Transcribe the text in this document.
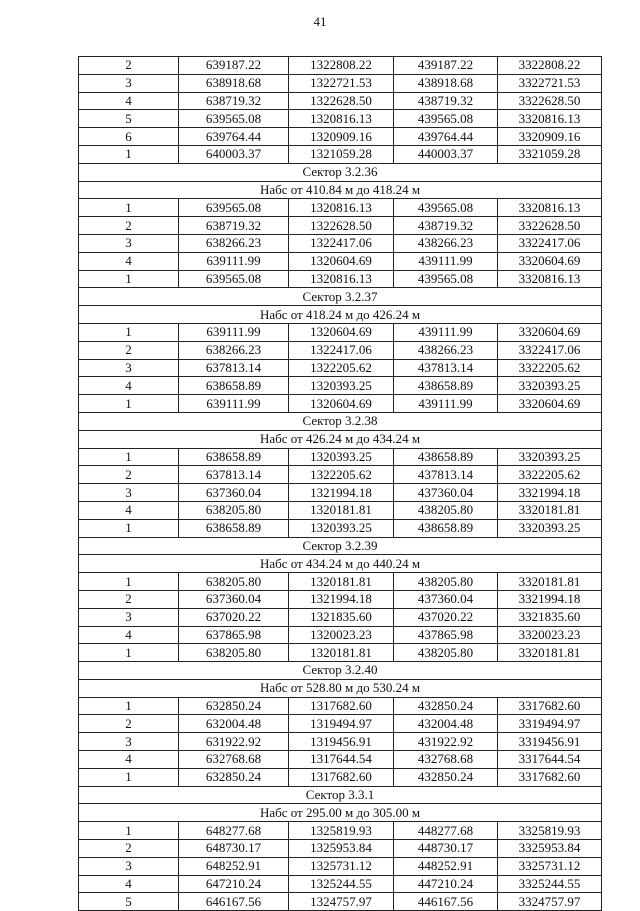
41
2	639187.22	1322808.22	439187.22	3322808.22
3	638918.68	1322721.53	438918.68	3322721.53
4	638719.32	1322628.50	438719.32	3322628.50
5	639565.08	1320816.13	439565.08	3320816.13
6	639764.44	1320909.16	439764.44	3320909.16
1	640003.37	1321059.28	440003.37	3321059.28
Сектор 3.2.36				
Набс от 410.84 м до 418.24 м				
1	639565.08	1320816.13	439565.08	3320816.13
2	638719.32	1322628.50	438719.32	3322628.50
3	638266.23	1322417.06	438266.23	3322417.06
4	639111.99	1320604.69	439111.99	3320604.69
1	639565.08	1320816.13	439565.08	3320816.13
Сектор 3.2.37				
Набс от 418.24 м до 426.24 м				
1	639111.99	1320604.69	439111.99	3320604.69
2	638266.23	1322417.06	438266.23	3322417.06
3	637813.14	1322205.62	437813.14	3322205.62
4	638658.89	1320393.25	438658.89	3320393.25
1	639111.99	1320604.69	439111.99	3320604.69
Сектор 3.2.38				
Набс от 426.24 м до 434.24 м				
1	638658.89	1320393.25	438658.89	3320393.25
2	637813.14	1322205.62	437813.14	3322205.62
3	637360.04	1321994.18	437360.04	3321994.18
4	638205.80	1320181.81	438205.80	3320181.81
1	638658.89	1320393.25	438658.89	3320393.25
Сектор 3.2.39				
Набс от 434.24 м до 440.24 м				
1	638205.80	1320181.81	438205.80	3320181.81
2	637360.04	1321994.18	437360.04	3321994.18
3	637020.22	1321835.60	437020.22	3321835.60
4	637865.98	1320023.23	437865.98	3320023.23
1	638205.80	1320181.81	438205.80	3320181.81
Сектор 3.2.40				
Набс от 528.80 м до 530.24 м				
1	632850.24	1317682.60	432850.24	3317682.60
2	632004.48	1319494.97	432004.48	3319494.97
3	631922.92	1319456.91	431922.92	3319456.91
4	632768.68	1317644.54	432768.68	3317644.54
1	632850.24	1317682.60	432850.24	3317682.60
Сектор 3.3.1				
Набс от 295.00 м до 305.00 м				
1	648277.68	1325819.93	448277.68	3325819.93
2	648730.17	1325953.84	448730.17	3325953.84
3	648252.91	1325731.12	448252.91	3325731.12
4	647210.24	1325244.55	447210.24	3325244.55
5	646167.56	1324757.97	446167.56	3324757.97
